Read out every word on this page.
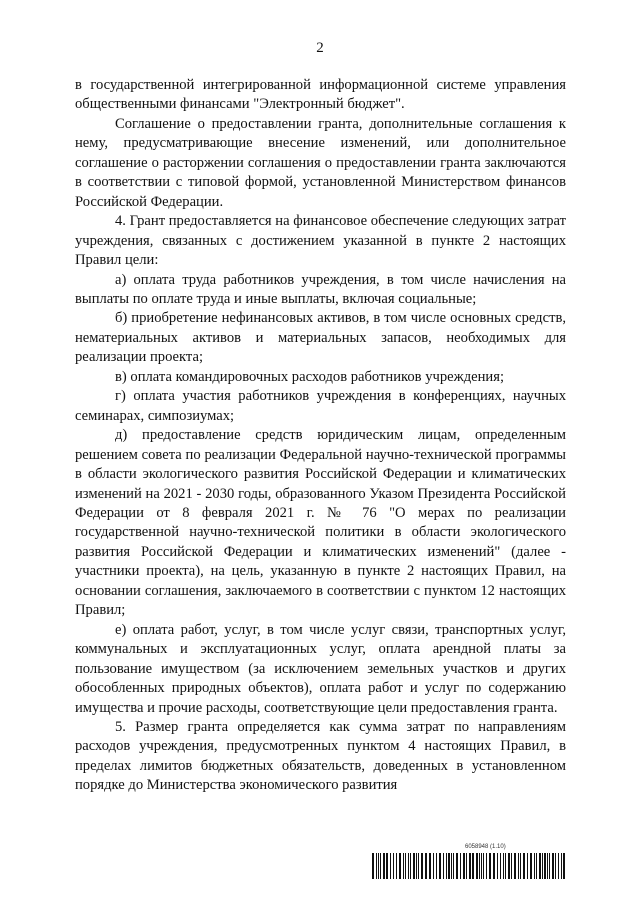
2

в государственной интегрированной информационной системе управления общественными финансами "Электронный бюджет".

Соглашение о предоставлении гранта, дополнительные соглашения к нему, предусматривающие внесение изменений, или дополнительное соглашение о расторжении соглашения о предоставлении гранта заключаются в соответствии с типовой формой, установленной Министерством финансов Российской Федерации.

4. Грант предоставляется на финансовое обеспечение следующих затрат учреждения, связанных с достижением указанной в пункте 2 настоящих Правил цели:

а) оплата труда работников учреждения, в том числе начисления на выплаты по оплате труда и иные выплаты, включая социальные;

б) приобретение нефинансовых активов, в том числе основных средств, нематериальных активов и материальных запасов, необходимых для реализации проекта;

в) оплата командировочных расходов работников учреждения;

г) оплата участия работников учреждения в конференциях, научных семинарах, симпозиумах;

д) предоставление средств юридическим лицам, определенным решением совета по реализации Федеральной научно-технической программы в области экологического развития Российской Федерации и климатических изменений на 2021 - 2030 годы, образованного Указом Президента Российской Федерации от 8 февраля 2021 г. № 76 "О мерах по реализации государственной научно-технической политики в области экологического развития Российской Федерации и климатических изменений" (далее - участники проекта), на цель, указанную в пункте 2 настоящих Правил, на основании соглашения, заключаемого в соответствии с пунктом 12 настоящих Правил;

е) оплата работ, услуг, в том числе услуг связи, транспортных услуг, коммунальных и эксплуатационных услуг, оплата арендной платы за пользование имуществом (за исключением земельных участков и других обособленных природных объектов), оплата работ и услуг по содержанию имущества и прочие расходы, соответствующие цели предоставления гранта.

5. Размер гранта определяется как сумма затрат по направлениям расходов учреждения, предусмотренных пунктом 4 настоящих Правил, в пределах лимитов бюджетных обязательств, доведенных в установленном порядке до Министерства экономического развития

6058948 (1.10)
